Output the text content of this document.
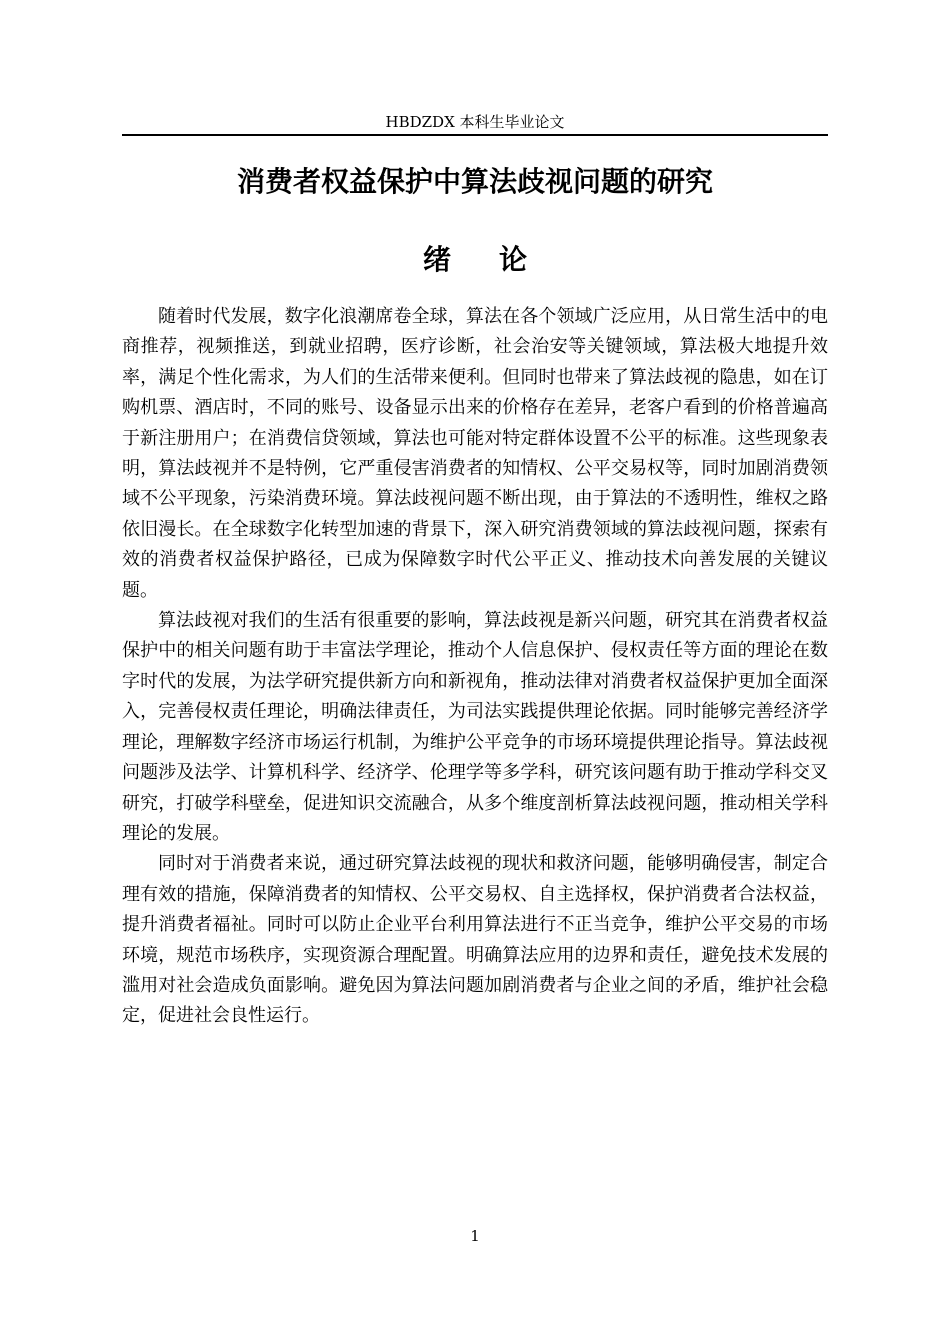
HBDZDX 本科生毕业论文
消费者权益保护中算法歧视问题的研究
绪论

随着时代发展，数字化浪潮席卷全球，算法在各个领域广泛应用，从日常生活中的电商推荐，视频推送，到就业招聘，医疗诊断，社会治安等关键领域，算法极大地提升效率，满足个性化需求，为人们的生活带来便利。但同时也带来了算法歧视的隐患，如在订购机票、酒店时，不同的账号、设备显示出来的价格存在差异，老客户看到的价格普遍高于新注册用户；在消费信贷领域，算法也可能对特定群体设置不公平的标准。这些现象表明，算法歧视并不是特例，它严重侵害消费者的知情权、公平交易权等，同时加剧消费领域不公平现象，污染消费环境。算法歧视问题不断出现，由于算法的不透明性，维权之路依旧漫长。在全球数字化转型加速的背景下，深入研究消费领域的算法歧视问题，探索有效的消费者权益保护路径，已成为保障数字时代公平正义、推动技术向善发展的关键议题。

算法歧视对我们的生活有很重要的影响，算法歧视是新兴问题，研究其在消费者权益保护中的相关问题有助于丰富法学理论，推动个人信息保护、侵权责任等方面的理论在数字时代的发展，为法学研究提供新方向和新视角，推动法律对消费者权益保护更加全面深入，完善侵权责任理论，明确法律责任，为司法实践提供理论依据。同时能够完善经济学理论，理解数字经济市场运行机制，为维护公平竞争的市场环境提供理论指导。算法歧视问题涉及法学、计算机科学、经济学、伦理学等多学科，研究该问题有助于推动学科交叉研究，打破学科壁垒，促进知识交流融合，从多个维度剖析算法歧视问题，推动相关学科理论的发展。

同时对于消费者来说，通过研究算法歧视的现状和救济问题，能够明确侵害，制定合理有效的措施，保障消费者的知情权、公平交易权、自主选择权，保护消费者合法权益，提升消费者福祉。同时可以防止企业平台利用算法进行不正当竞争，维护公平交易的市场环境，规范市场秩序，实现资源合理配置。明确算法应用的边界和责任，避免技术发展的滥用对社会造成负面影响。避免因为算法问题加剧消费者与企业之间的矛盾，维护社会稳定，促进社会良性运行。

1
